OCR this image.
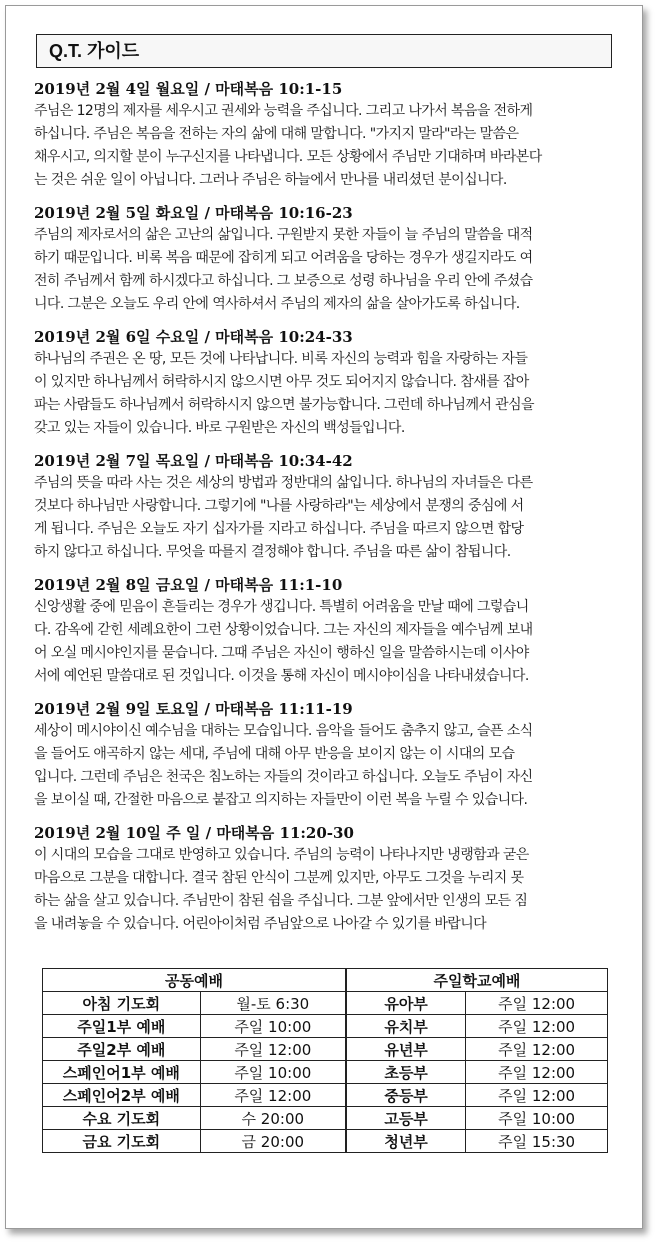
Q.T. 가이드
2019년 2월 4일 월요일 / 마태복음 10:1-15
주님은 12명의 제자를 세우시고 권세와 능력을 주십니다. 그리고 나가서 복음을 전하게
하십니다. 주님은 복음을 전하는 자의 삶에 대해 말합니다. "가지지 말라"라는 말씀은
채우시고, 의지할 분이 누구신지를 나타냅니다. 모든 상황에서 주님만 기대하며 바라본다
는 것은 쉬운 일이 아닙니다. 그러나 주님은 하늘에서 만나를 내리셨던 분이십니다.
2019년 2월 5일 화요일 / 마태복음 10:16-23
주님의 제자로서의 삶은 고난의 삶입니다. 구원받지 못한 자들이 늘 주님의 말씀을 대적
하기 때문입니다. 비록 복음 때문에 잡히게 되고 어려움을 당하는 경우가 생길지라도 여
전히 주님께서 함께 하시겠다고 하십니다. 그 보증으로 성령 하나님을 우리 안에 주셨습
니다. 그분은 오늘도 우리 안에 역사하셔서 주님의 제자의 삶을 살아가도록 하십니다.
2019년 2월 6일 수요일 / 마태복음 10:24-33
하나님의 주권은 온 땅, 모든 것에 나타납니다. 비록 자신의 능력과 힘을 자랑하는 자들
이 있지만 하나님께서 허락하시지 않으시면 아무 것도 되어지지 않습니다. 참새를 잡아
파는 사람들도 하나님께서 허락하시지 않으면 불가능합니다. 그런데 하나님께서 관심을
갖고 있는 자들이 있습니다. 바로 구원받은 자신의 백성들입니다.
2019년 2월 7일 목요일 / 마태복음 10:34-42
주님의 뜻을 따라 사는 것은 세상의 방법과 정반대의 삶입니다. 하나님의 자녀들은 다른
것보다 하나님만 사랑합니다. 그렇기에 "나를 사랑하라"는 세상에서 분쟁의 중심에 서
게 됩니다. 주님은 오늘도 자기 십자가를 지라고 하십니다. 주님을 따르지 않으면 합당
하지 않다고 하십니다. 무엇을 따를지 결정해야 합니다. 주님을 따른 삶이 참됩니다.
2019년 2월 8일 금요일 / 마태복음 11:1-10
신앙생활 중에 믿음이 흔들리는 경우가 생깁니다. 특별히 어려움을 만날 때에 그렇습니
다. 감옥에 갇힌 세례요한이 그런 상황이었습니다. 그는 자신의 제자들을 예수님께 보내
어 오실 메시야인지를 묻습니다. 그때 주님은 자신이 행하신 일을 말씀하시는데 이사야
서에 예언된 말씀대로 된 것입니다. 이것을 통해 자신이 메시야이심을 나타내셨습니다.
2019년 2월 9일 토요일 / 마태복음 11:11-19
세상이 메시야이신 예수님을 대하는 모습입니다. 음악을 들어도 춤추지 않고, 슬픈 소식
을 들어도 애곡하지 않는 세대, 주님에 대해 아무 반응을 보이지 않는 이 시대의 모습
입니다. 그런데 주님은 천국은 침노하는 자들의 것이라고 하십니다. 오늘도 주님이 자신
을 보이실 때, 간절한 마음으로 붙잡고 의지하는 자들만이 이런 복을 누릴 수 있습니다.
2019년 2월 10일 주 일 / 마태복음 11:20-30
이 시대의 모습을 그대로 반영하고 있습니다. 주님의 능력이 나타나지만 냉랭함과 굳은
마음으로 그분을 대합니다. 결국 참된 안식이 그분께 있지만, 아무도 그것을 누리지 못
하는 삶을 살고 있습니다. 주님만이 참된 쉼을 주십니다. 그분 앞에서만 인생의 모든 짐
을 내려놓을 수 있습니다. 어린아이처럼 주님앞으로 나아갈 수 있기를 바랍니다
공동예배		주일학교예배	
아침 기도회	월-토 6:30	유아부	주일 12:00
주일1부 예배	주일 10:00	유치부	주일 12:00
주일2부 예배	주일 12:00	유년부	주일 12:00
스페인어1부 예배	주일 10:00	초등부	주일 12:00
스페인어2부 예배	주일 12:00	중등부	주일 12:00
수요 기도회	수 20:00	고등부	주일 10:00
금요 기도회	금 20:00	청년부	주일 15:30
